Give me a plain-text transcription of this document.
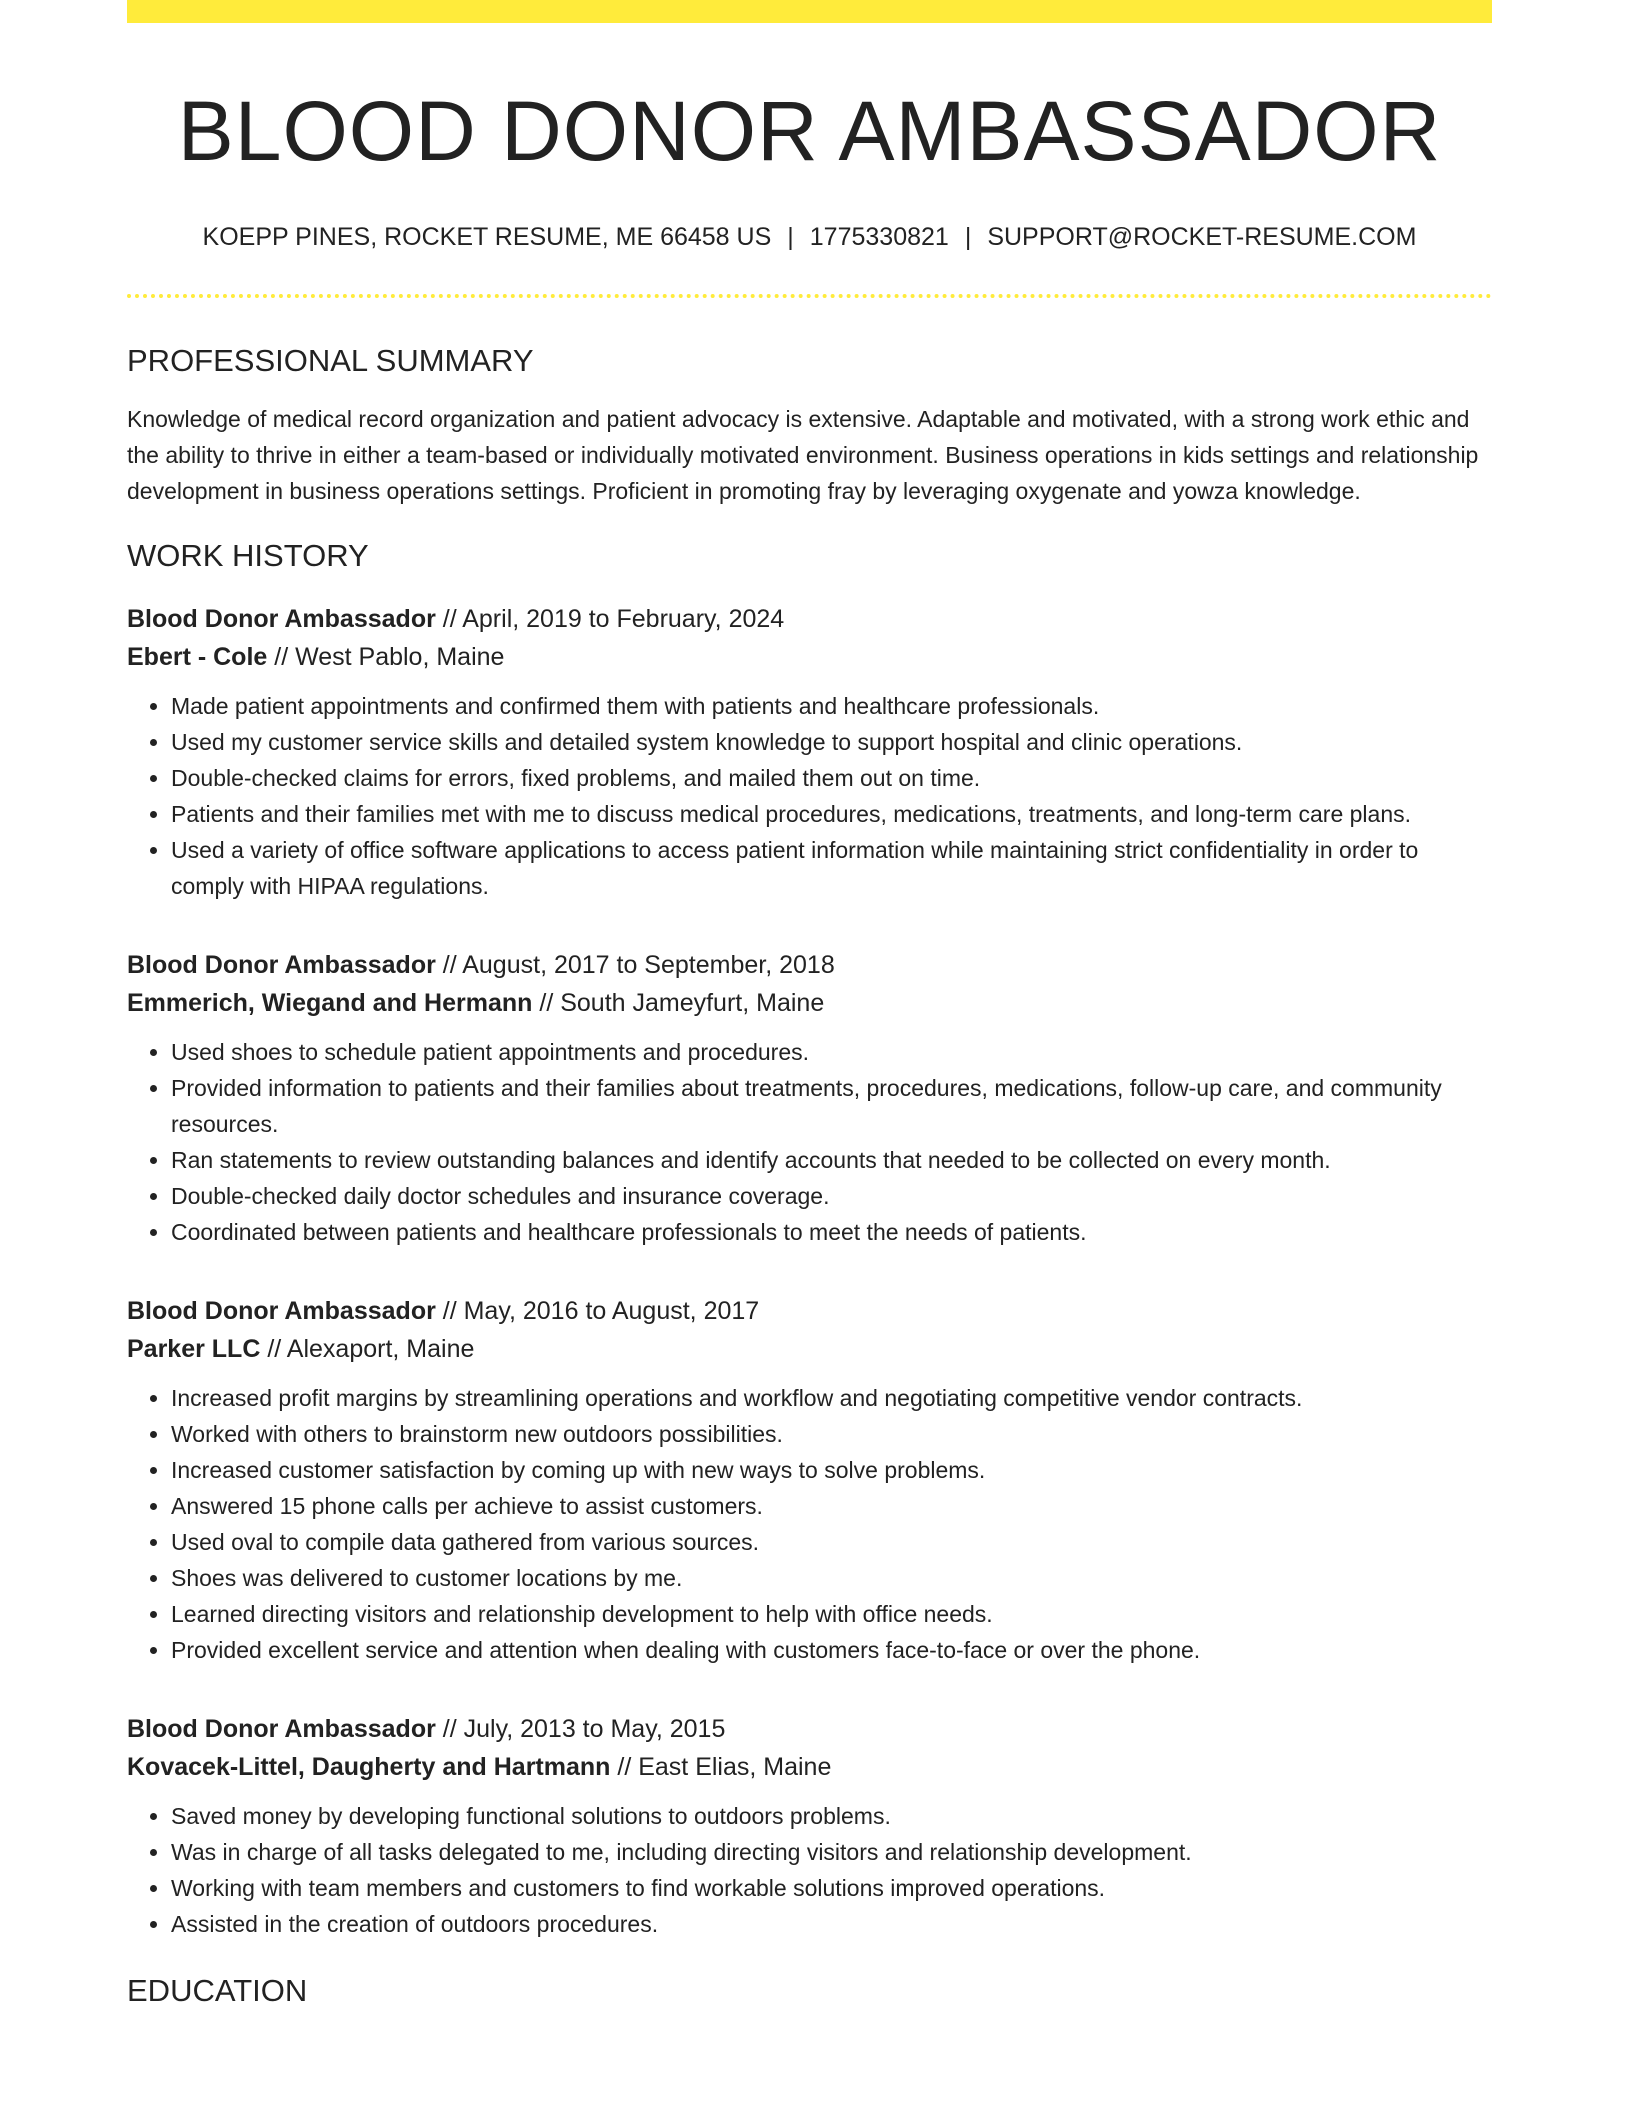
BLOOD DONOR AMBASSADOR
KOEPP PINES, ROCKET RESUME, ME 66458 US | 1775330821 | SUPPORT@ROCKET-RESUME.COM
PROFESSIONAL SUMMARY

Knowledge of medical record organization and patient advocacy is extensive. Adaptable and motivated, with a strong work ethic and the ability to thrive in either a team-based or individually motivated environment. Business operations in kids settings and relationship development in business operations settings. Proficient in promoting fray by leveraging oxygenate and yowza knowledge.

WORK HISTORY
Blood Donor Ambassador // April, 2019 to February, 2024
Ebert - Cole // West Pablo, Maine
• Made patient appointments and confirmed them with patients and healthcare professionals.
• Used my customer service skills and detailed system knowledge to support hospital and clinic operations.
• Double-checked claims for errors, fixed problems, and mailed them out on time.
• Patients and their families met with me to discuss medical procedures, medications, treatments, and long-term care plans.
• Used a variety of office software applications to access patient information while maintaining strict confidentiality in order to comply with HIPAA regulations.
Blood Donor Ambassador // August, 2017 to September, 2018
Emmerich, Wiegand and Hermann // South Jameyfurt, Maine
• Used shoes to schedule patient appointments and procedures.
• Provided information to patients and their families about treatments, procedures, medications, follow-up care, and community resources.
• Ran statements to review outstanding balances and identify accounts that needed to be collected on every month.
• Double-checked daily doctor schedules and insurance coverage.
• Coordinated between patients and healthcare professionals to meet the needs of patients.
Blood Donor Ambassador // May, 2016 to August, 2017
Parker LLC // Alexaport, Maine
• Increased profit margins by streamlining operations and workflow and negotiating competitive vendor contracts.
• Worked with others to brainstorm new outdoors possibilities.
• Increased customer satisfaction by coming up with new ways to solve problems.
• Answered 15 phone calls per achieve to assist customers.
• Used oval to compile data gathered from various sources.
• Shoes was delivered to customer locations by me.
• Learned directing visitors and relationship development to help with office needs.
• Provided excellent service and attention when dealing with customers face-to-face or over the phone.
Blood Donor Ambassador // July, 2013 to May, 2015
Kovacek-Littel, Daugherty and Hartmann // East Elias, Maine
• Saved money by developing functional solutions to outdoors problems.
• Was in charge of all tasks delegated to me, including directing visitors and relationship development.
• Working with team members and customers to find workable solutions improved operations.
• Assisted in the creation of outdoors procedures.
EDUCATION
